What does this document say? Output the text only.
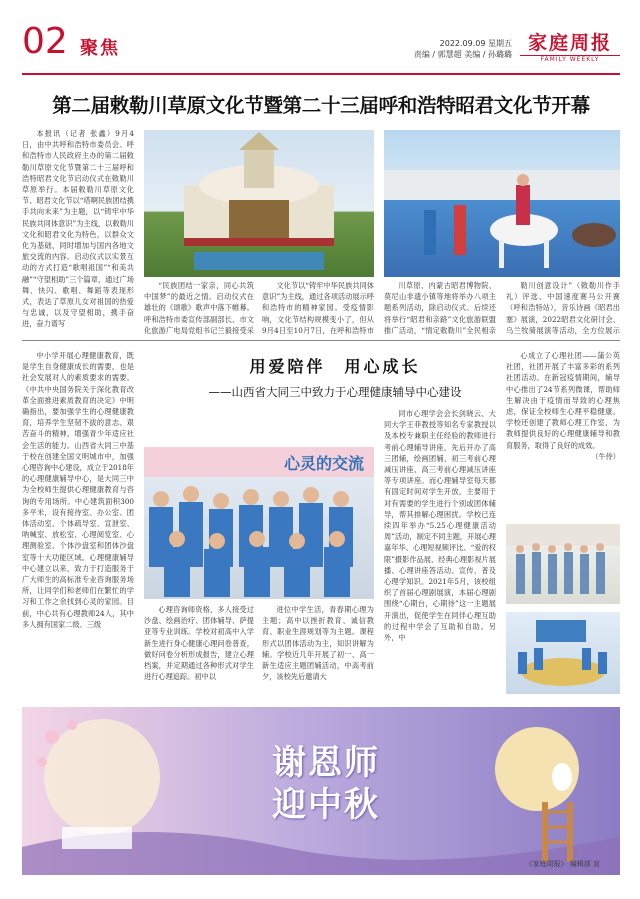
02 聚焦	2022.09.09 星期五
责编 / 郭慧超 美编 / 孙璐璐
家庭周报
FAMILY WEEKLY
第二届敕勒川草原文化节暨第二十三届呼和浩特昭君文化节开幕

本报讯（记者 张鑫）9月4日，由中共呼和浩特市委员会、呼和浩特市人民政府主办的第二届敕勒川草原文化节暨第二十三届呼和浩特昭君文化节启动仪式在敕勒川草原举行。本届敕勒川草原文化节、昭君文化节以“塔啊民族团结携手共向未来”为主题，以“铸牢中华民族共同体意识”为主线，以敕勒川文化和昭君文化为特色，以群众文化为基础，同时增加与国内各地文旅交流的内容。启动仪式以实景互动的方式打造“歌唱祖国”“和美共融”“守望相助”三个篇章，通过广场舞、快闪、歌唱、舞蹈等表现形式，表达了草原儿女对祖国的热爱与忠诚，以及守望相助，携手奋进，奋力谱写

“民族团结一家亲，同心共筑中国梦”的最近之情。启动仪式在雄壮的《颂歌》歌声中落下帷幕。呼和浩特市委宣传部副部长、市文化旅游广电局党组书记兰毅接受采

文化节以“铸牢中华民族共同体意识”为主线，通过各项活动展示呼和浩特市的精神家园。受疫情影响，文化节结构规模变小了，但从9月4日至10月7日，在呼和浩特市

川草原、内蒙古昭君博物院、莫尼山非遗小镇等地将举办八项主题系列活动，除启动仪式、后续还将举行“昭君和亲路”文化旅游联盟推广活动，“情定敕勒川”全民相亲

勒川创意设计”（敕勒川作手礼）评选、中国速度赛马公开赛（呼和浩特站），音乐诗画《昭君出塞》展演，2022昭君文化研讨会、乌兰牧骑展演等活动，全方位展示

中小学开展心理健康教育，既是学生自身健康成长的需要，也是社会发展对人的素质要求的需要。《中共中央国务院关于深化教育改革全面推进素质教育的决定》中明确指出，要加强学生的心理健康教育，培养学生坚韧不拔的意志、艰苦奋斗的精神，增强青少年适应社会生活的能力。山西省大同三中基于校在创建全国文明城市中，加强心理咨询中心建设，成立于2018年的心理健康辅导中心，是大同三中为全校师生提供心理健康教育与咨询的专用场所。中心建筑面积300多平米，设有接待室、办公室、团体活动室、个体疏导室、宣泄室、呐喊室、放松室、心理阅览室、心理测验室、个体沙盘室和团体沙盘室等十大功能区域。心理健康辅导中心建立以来，致力于打造服务于广大师生的高标准专业咨询服务场所，让同学们和老师们在繁忙的学习和工作之余找到心灵的家园。目前，中心共有心理教师24人，其中多人拥有国家二级、三级

用爱陪伴　用心成长
——山西省大同三中致力于心理健康辅导中心建设
心灵的交流

心理咨询师资格，多人接受过沙盘、绘画治疗、团体辅导、萨提亚等专业训练。学校对初高中入学新生进行身心健康心理问卷普查，做好问卷分析形成报告，建立心理档案，并定期通过各种形式对学生进行心理追踪。初中以

进位中学生活，青春期心理为主题；高中以挫折教育、诚信教育、职业生涯规划等为主题。课程形式以团体活动为主，知识讲解为辅。学校近几年开展了初一、高一新生适应主题团辅活动，中高考前夕，该校先后邀请大

同市心理学会会长剑晓云、大同大学王菲教授等知名专家教授以及本校专兼职主任经验的教师进行考前心理辅导讲座，先后开办了高三团辅，绘画团辅、初三考前心理减压讲座、高三考前心理减压讲座等专项讲座。而心理辅导室每天都有固定时间对学生开放，主要用于对有需要的学生进行个别或团体辅导，帮其排解心理困扰。学校已连续四年举办“5.25心理健康活动周”活动，制定不同主题，开展心理嘉年华、心理短视频评比、“爱的权限”摄影作品展、经典心理影视片展播、心理讲座答活动、宣传、普及心理学知识。2021年5月，该校组织了首届心理剧展演，本届心理剧围绕“心期台，心期待”这一主题展开演出，促使学生在同伴心理互助的过程中学会了互助和自助。另外，中

心成立了心理社团——蒲公英社团，社团开展了丰富多彩的系列社团活动。在新冠疫情期间，辅导中心推出了24节系列微课，帮助师生解决由于疫情而导致的心理焦虑，保证全校师生心理平稳健康。学校还创建了教师心理工作室，为教师提供良好的心理健康辅导和教育服务，取得了良好的成效。

（牛侍）
谢恩师
迎中秋
《家庭周报》 编辑部 宣
